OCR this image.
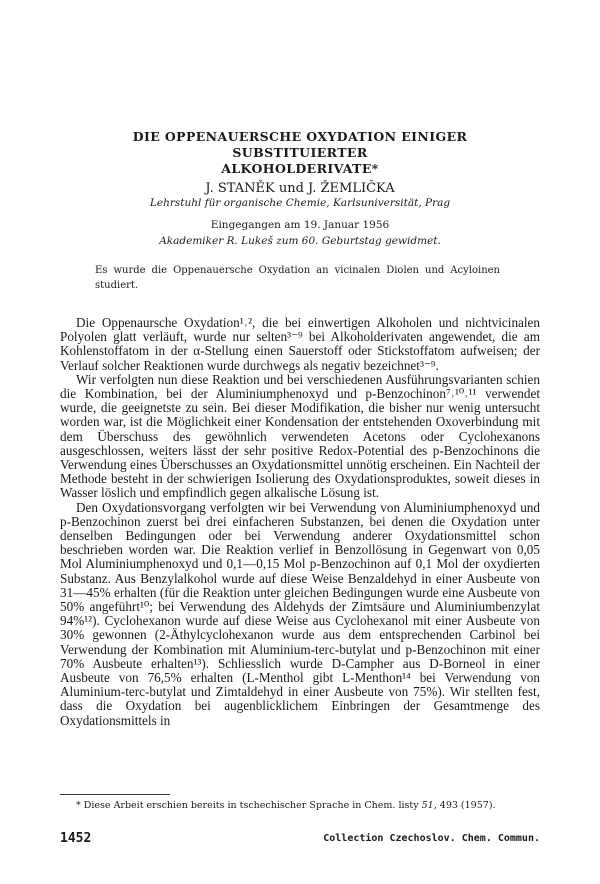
DIE OPPENAUERSCHE OXYDATION EINIGER SUBSTITUIERTER
ALKOHOLDERIVATE*
J. STANĚK und J. ŽEMLIČKA
Lehrstuhl für organische Chemie, Karlsuniversität, Prag
Eingegangen am 19. Januar 1956
Akademiker R. Lukeš zum 60. Geburtstag gewidmet.
Es wurde die Oppenauersche Oxydation an vicinalen Diolen und Acyloinen studiert.

Die Oppenaursche Oxydation¹˒², die bei einwertigen Alkoholen und nichtvicinalen Polyolen glatt verläuft, wurde nur selten³⁻⁹ bei Alkoholderivaten angewendet, die am Kohlenstoffatom in der α-Stellung einen Sauerstoff oder Stickstoffatom aufweisen; der Verlauf solcher Reaktionen wurde durchwegs als negativ bezeichnet³⁻⁹.

Wir verfolgten nun diese Reaktion und bei verschiedenen Ausführungsvarianten schien die Kombination, bei der Aluminiumphenoxyd und p-Benzochinon⁷˒¹⁰˒¹¹ verwendet wurde, die geeignetste zu sein. Bei dieser Modifikation, die bisher nur wenig untersucht worden war, ist die Möglichkeit einer Kondensation der entstehenden Oxoverbindung mit dem Überschuss des gewöhnlich verwendeten Acetons oder Cyclohexanons ausgeschlossen, weiters lässt der sehr positive Redox-Potential des p-Benzochinons die Verwendung eines Überschusses an Oxydationsmittel unnötig erscheinen. Ein Nachteil der Methode besteht in der schwierigen Isolierung des Oxydationsproduktes, soweit dieses in Wasser löslich und empfindlich gegen alkalische Lösung ist.

Den Oxydationsvorgang verfolgten wir bei Verwendung von Aluminiumphenoxyd und p-Benzochinon zuerst bei drei einfacheren Substanzen, bei denen die Oxydation unter denselben Bedingungen oder bei Verwendung anderer Oxydationsmittel schon beschrieben worden war. Die Reaktion verlief in Benzollösung in Gegenwart von 0,05 Mol Aluminiumphenoxyd und 0,1—0,15 Mol p-Benzochinon auf 0,1 Mol der oxydierten Substanz. Aus Benzylalkohol wurde auf diese Weise Benzaldehyd in einer Ausbeute von 31—45% erhalten (für die Reaktion unter gleichen Bedingungen wurde eine Ausbeute von 50% angeführt¹⁰; bei Verwendung des Aldehyds der Zimtsäure und Aluminiumbenzylat 94%¹²). Cyclohexanon wurde auf diese Weise aus Cyclohexanol mit einer Ausbeute von 30% gewonnen (2-Äthylcyclohexanon wurde aus dem entsprechenden Carbinol bei Verwendung der Kombination mit Aluminium-terc-butylat und p-Benzochinon mit einer 70% Ausbeute erhalten¹³). Schliesslich wurde D-Campher aus D-Borneol in einer Ausbeute von 76,5% erhalten (L-Menthol gibt L-Menthon¹⁴ bei Verwendung von Aluminium-terc-butylat und Zimtaldehyd in einer Ausbeute von 75%). Wir stellten fest, dass die Oxydation bei augenblicklichem Einbringen der Gesamtmenge des Oxydationsmittels in

* Diese Arbeit erschien bereits in tschechischer Sprache in Chem. listy 51, 493 (1957).
1452	Collection Czechoslov. Chem. Commun.
